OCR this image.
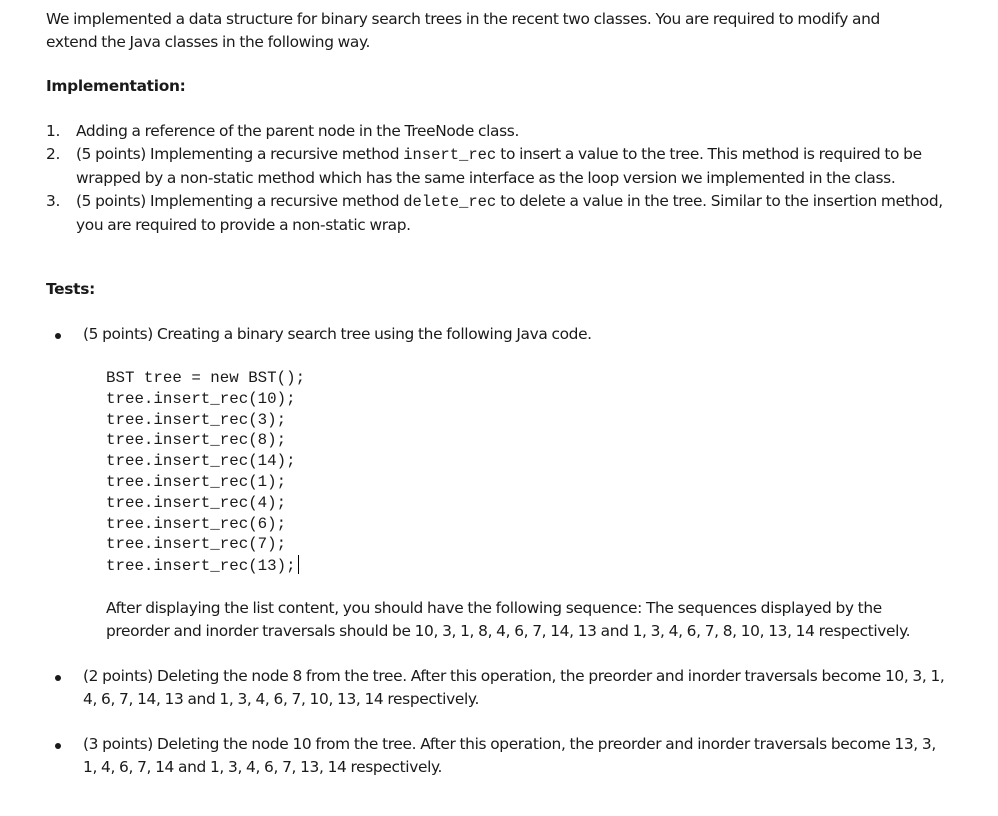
We implemented a data structure for binary search trees in the recent two classes. You are required to modify and extend the Java classes in the following way.

Implementation:

1. Adding a reference of the parent node in the TreeNode class.
2. (5 points) Implementing a recursive method insert_rec to insert a value to the tree. This method is required to be wrapped by a non-static method which has the same interface as the loop version we implemented in the class.
3. (5 points) Implementing a recursive method delete_rec to delete a value in the tree. Similar to the insertion method, you are required to provide a non-static wrap.

Tests:

(5 points) Creating a binary search tree using the following Java code.
BST tree = new BST();
tree.insert_rec(10);
tree.insert_rec(3);
tree.insert_rec(8);
tree.insert_rec(14);
tree.insert_rec(1);
tree.insert_rec(4);
tree.insert_rec(6);
tree.insert_rec(7);
tree.insert_rec(13);

After displaying the list content, you should have the following sequence: The sequences displayed by the preorder and inorder traversals should be 10, 3, 1, 8, 4, 6, 7, 14, 13 and 1, 3, 4, 6, 7, 8, 10, 13, 14 respectively.

(2 points) Deleting the node 8 from the tree. After this operation, the preorder and inorder traversals become 10, 3, 1, 4, 6, 7, 14, 13 and 1, 3, 4, 6, 7, 10, 13, 14 respectively.
(3 points) Deleting the node 10 from the tree. After this operation, the preorder and inorder traversals become 13, 3, 1, 4, 6, 7, 14 and 1, 3, 4, 6, 7, 13, 14 respectively.
